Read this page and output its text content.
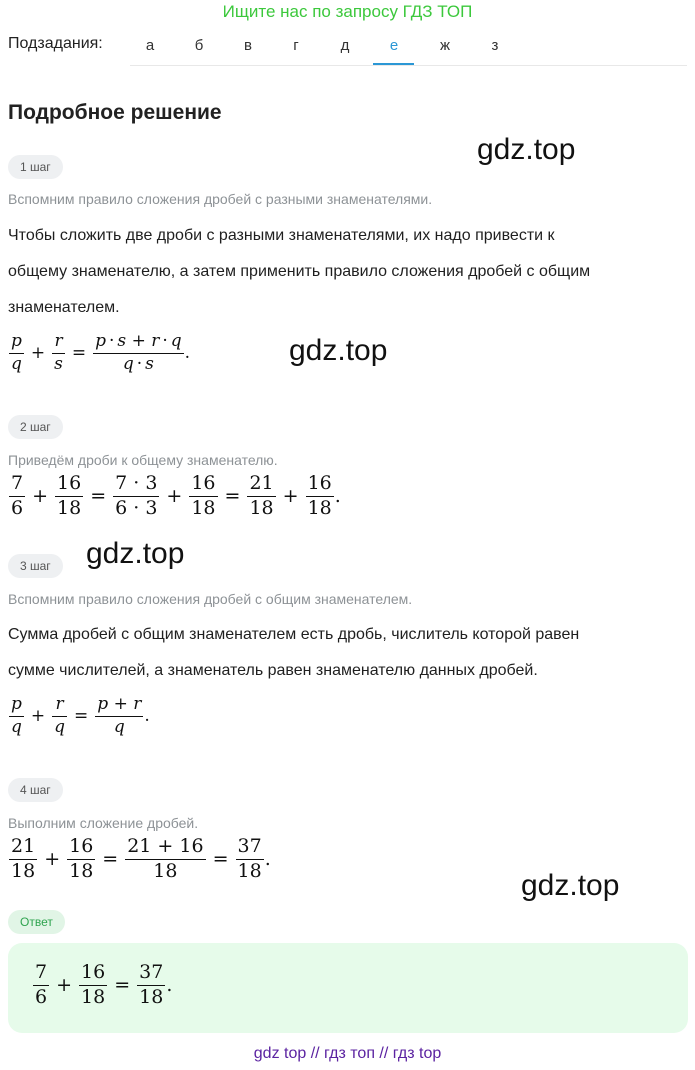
Ищите нас по запросу ГДЗ ТОП
Подзадания:	а	б	в	г	д	е	ж	з
Подробное решение
gdz.top
gdz.top
gdz.top
gdz.top
1 шаг
Вспомним правило сложения дробей с разными знаменателями.
Чтобы сложить две дроби с разными знаменателями, их надо привести к
общему знаменателю, а затем применить правило сложения дробей с общим
знаменателем.
$\frac{p}{q} + \frac{r}{s} = \frac{p \cdot s + r \cdot q}{q \cdot s}$ .
2 шаг
Приведём дроби к общему знаменателю.
$\frac{7}{6} + \frac{16}{18} = \frac{7 \cdot 3}{6 \cdot 3} + \frac{16}{18} = \frac{21}{18} + \frac{16}{18}$ .
3 шаг
Вспомним правило сложения дробей с общим знаменателем.
Сумма дробей с общим знаменателем есть дробь, числитель которой равен
сумме числителей, а знаменатель равен знаменателю данных дробей.
$\frac{p}{q} + \frac{r}{q} = \frac{p + r}{q}$ .
4 шаг
Выполним сложение дробей.
$\frac{21}{18} + \frac{16}{18} = \frac{21 + 16}{18} = \frac{37}{18}$ .
Ответ
$\frac{7}{6} + \frac{16}{18} = \frac{37}{18}$ .
gdz top // гдз топ // гдз top
